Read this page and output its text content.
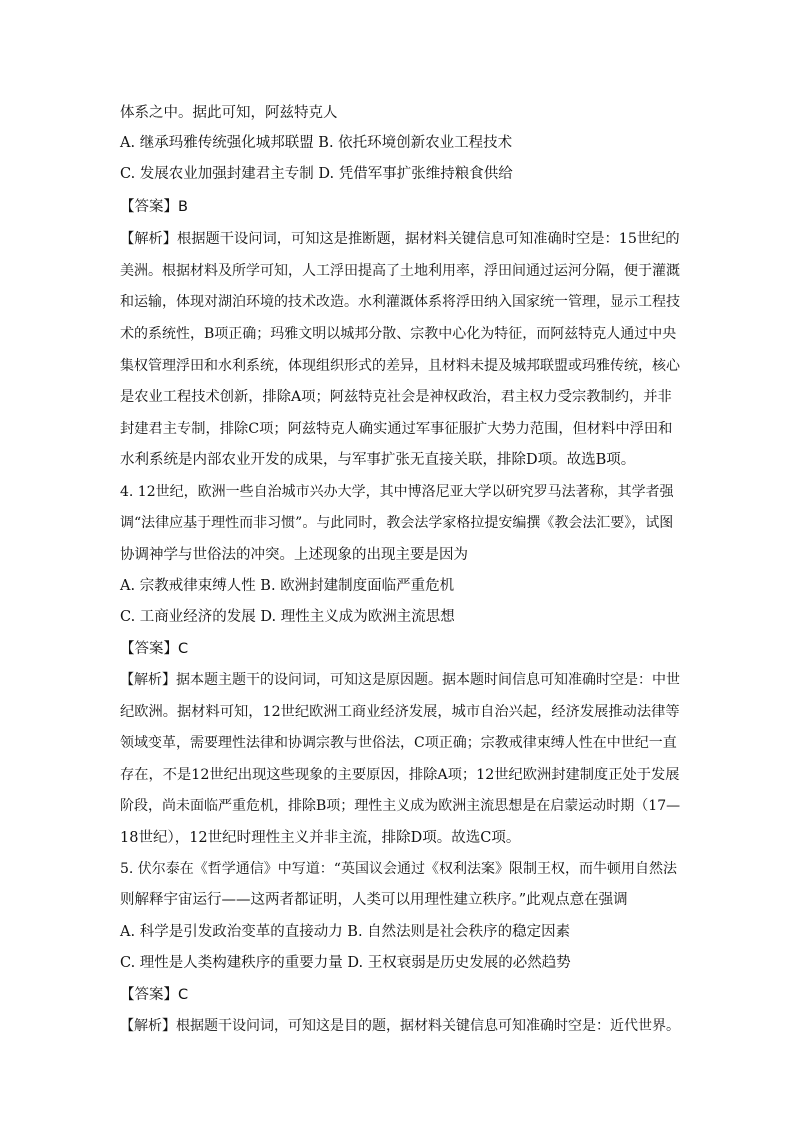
体系之中。据此可知，阿兹特克人

A. 继承玛雅传统强化城邦联盟 B. 依托环境创新农业工程技术

C. 发展农业加强封建君主专制 D. 凭借军事扩张维持粮食供给

【答案】B

【解析】根据题干设问词，可知这是推断题，据材料关键信息可知准确时空是：15世纪的

美洲。根据材料及所学可知，人工浮田提高了土地利用率，浮田间通过运河分隔，便于灌溉

和运输，体现对湖泊环境的技术改造。水利灌溉体系将浮田纳入国家统一管理，显示工程技

术的系统性，B项正确；玛雅文明以城邦分散、宗教中心化为特征，而阿兹特克人通过中央

集权管理浮田和水利系统，体现组织形式的差异，且材料未提及城邦联盟或玛雅传统，核心

是农业工程技术创新，排除A项；阿兹特克社会是神权政治，君主权力受宗教制约，并非

封建君主专制，排除C项；阿兹特克人确实通过军事征服扩大势力范围，但材料中浮田和

水利系统是内部农业开发的成果，与军事扩张无直接关联，排除D项。故选B项。

4. 12世纪，欧洲一些自治城市兴办大学，其中博洛尼亚大学以研究罗马法著称，其学者强

调“法律应基于理性而非习惯”。与此同时，教会法学家格拉提安编撰《教会法汇要》，试图

协调神学与世俗法的冲突。上述现象的出现主要是因为

A. 宗教戒律束缚人性 B. 欧洲封建制度面临严重危机

C. 工商业经济的发展 D. 理性主义成为欧洲主流思想

【答案】C

【解析】据本题主题干的设问词，可知这是原因题。据本题时间信息可知准确时空是：中世

纪欧洲。据材料可知，12世纪欧洲工商业经济发展，城市自治兴起，经济发展推动法律等

领域变革，需要理性法律和协调宗教与世俗法，C项正确；宗教戒律束缚人性在中世纪一直

存在，不是12世纪出现这些现象的主要原因，排除A项；12世纪欧洲封建制度正处于发展

阶段，尚未面临严重危机，排除B项；理性主义成为欧洲主流思想是在启蒙运动时期（17—

18世纪），12世纪时理性主义并非主流，排除D项。故选C项。

5. 伏尔泰在《哲学通信》中写道：“英国议会通过《权利法案》限制王权，而牛顿用自然法

则解释宇宙运行——这两者都证明，人类可以用理性建立秩序。”此观点意在强调

A. 科学是引发政治变革的直接动力 B. 自然法则是社会秩序的稳定因素

C. 理性是人类构建秩序的重要力量 D. 王权衰弱是历史发展的必然趋势

【答案】C

【解析】根据题干设问词，可知这是目的题，据材料关键信息可知准确时空是：近代世界。
